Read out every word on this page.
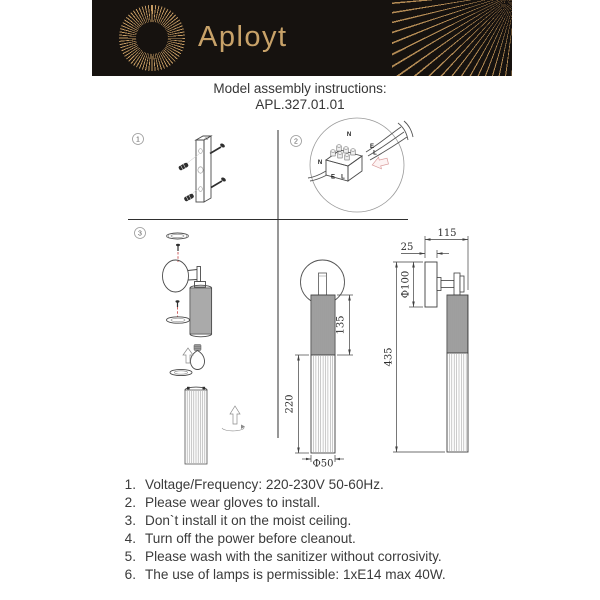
Aployt
Model assembly instructions:
APL.327.01.01
1	2
3
N
E
L
N
E L
135
220
Ф50
115
25
Ф100
435
1. Voltage/Frequency: 220-230V 50-60Hz.
2. Please wear gloves to install.
3. Don`t install it on the moist ceiling.
4. Turn off the power before cleanout.
5. Please wash with the sanitizer without corrosivity.
6. The use of lamps is permissible: 1xE14 max 40W.
